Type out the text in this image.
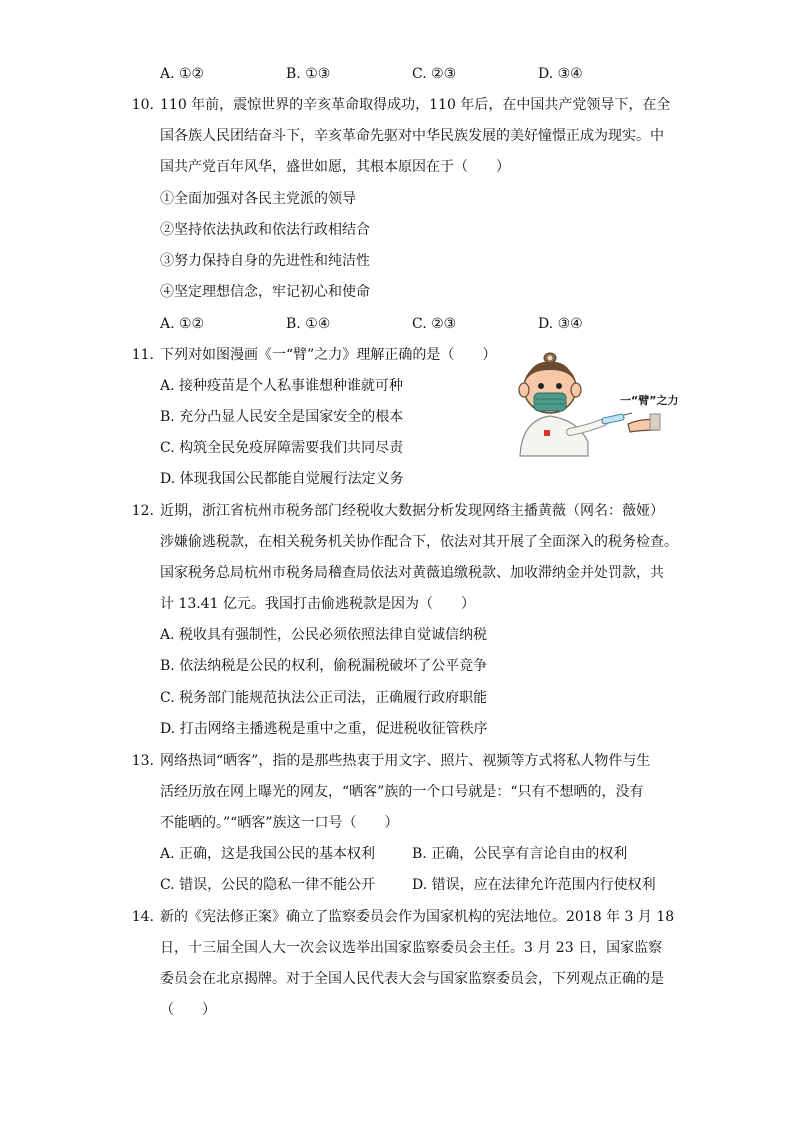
A. ①②	B. ①③	C. ②③	D. ③④
10. 110 年前，震惊世界的辛亥革命取得成功，110 年后，在中国共产党领导下，在全
国各族人民团结奋斗下，辛亥革命先驱对中华民族发展的美好憧憬正成为现实。中
国共产党百年风华，盛世如愿，其根本原因在于（　　）
①全面加强对各民主党派的领导
②坚持依法执政和依法行政相结合
③努力保持自身的先进性和纯洁性
④坚定理想信念，牢记初心和使命
A. ①②	B. ①④	C. ②③	D. ③④
11. 下列对如图漫画《一“臂”之力》理解正确的是（　　）
A. 接种疫苗是个人私事谁想种谁就可种
B. 充分凸显人民安全是国家安全的根本
C. 构筑全民免疫屏障需要我们共同尽责
D. 体现我国公民都能自觉履行法定义务
一“臂”之力
12. 近期，浙江省杭州市税务部门经税收大数据分析发现网络主播黄薇（网名：薇娅）
涉嫌偷逃税款，在相关税务机关协作配合下，依法对其开展了全面深入的税务检查。
国家税务总局杭州市税务局稽查局依法对黄薇追缴税款、加收滞纳金并处罚款，共
计 13.41 亿元。我国打击偷逃税款是因为（　　）
A. 税收具有强制性，公民必须依照法律自觉诚信纳税
B. 依法纳税是公民的权利，偷税漏税破坏了公平竞争
C. 税务部门能规范执法公正司法，正确履行政府职能
D. 打击网络主播逃税是重中之重，促进税收征管秩序
13. 网络热词“晒客”，指的是那些热衷于用文字、照片、视频等方式将私人物件与生
活经历放在网上曝光的网友，“晒客”族的一个口号就是：“只有不想晒的，没有
不能晒的。”“晒客”族这一口号（　　）
A. 正确，这是我国公民的基本权利	B. 正确，公民享有言论自由的权利
C. 错误，公民的隐私一律不能公开	D. 错误，应在法律允许范围内行使权利
14. 新的《宪法修正案》确立了监察委员会作为国家机构的宪法地位。2018 年 3 月 18
日，十三届全国人大一次会议选举出国家监察委员会主任。3 月 23 日，国家监察
委员会在北京揭牌。对于全国人民代表大会与国家监察委员会，下列观点正确的是
（　　）
